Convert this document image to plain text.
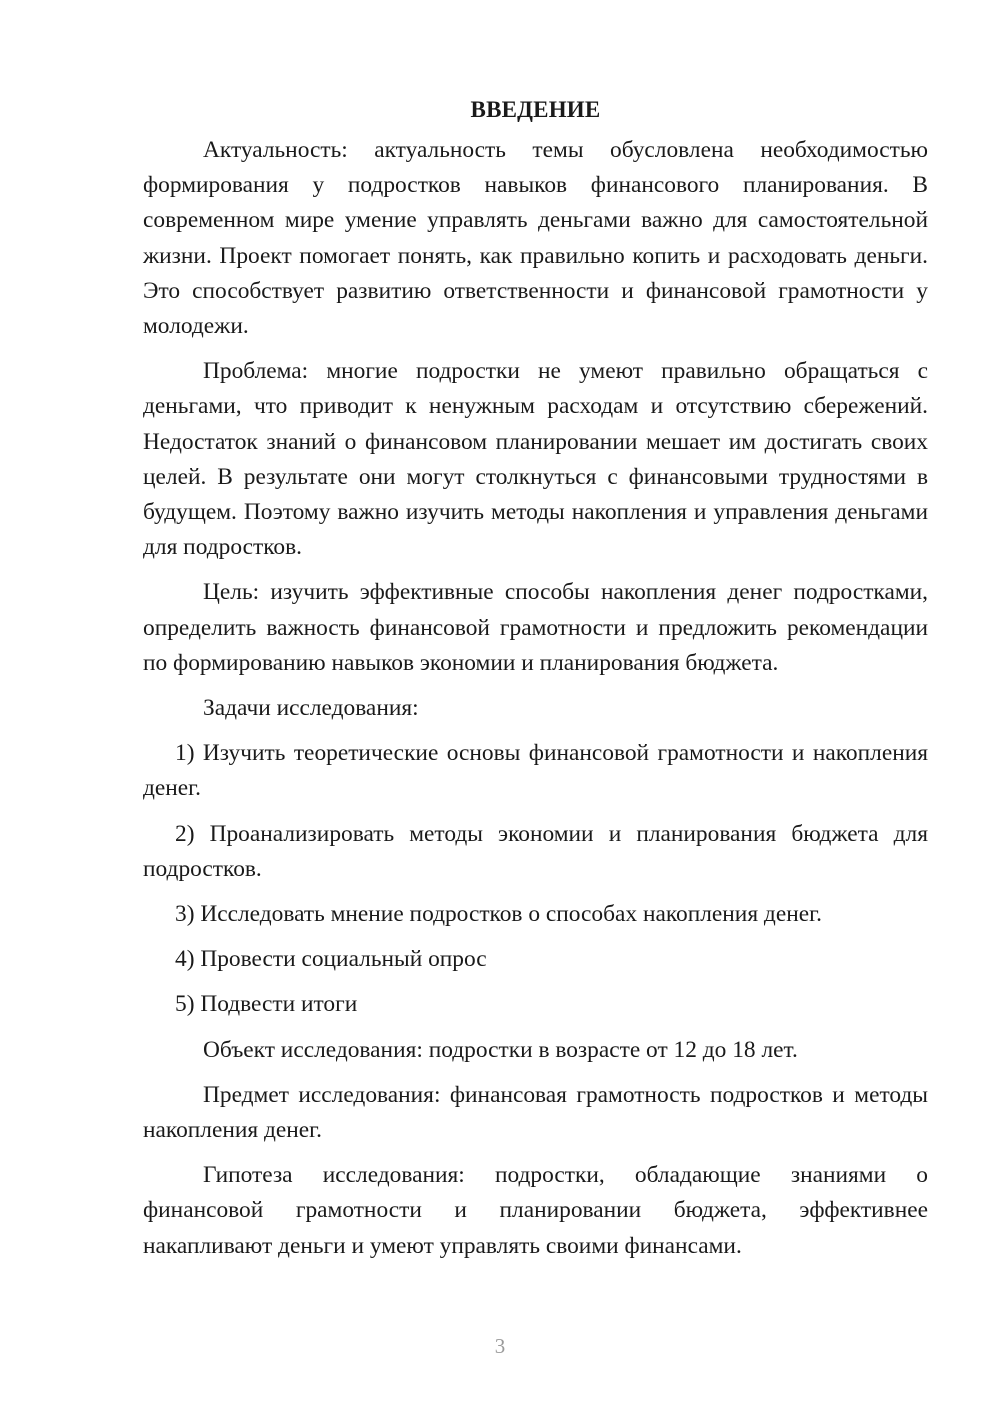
ВВЕДЕНИЕ

Актуальность: актуальность темы обусловлена необходимостью формирования у подростков навыков финансового планирования. В современном мире умение управлять деньгами важно для самостоятельной жизни. Проект помогает понять, как правильно копить и расходовать деньги. Это способствует развитию ответственности и финансовой грамотности у молодежи.

Проблема: многие подростки не умеют правильно обращаться с деньгами, что приводит к ненужным расходам и отсутствию сбережений. Недостаток знаний о финансовом планировании мешает им достигать своих целей. В результате они могут столкнуться с финансовыми трудностями в будущем. Поэтому важно изучить методы накопления и управления деньгами для подростков.

Цель: изучить эффективные способы накопления денег подростками, определить важность финансовой грамотности и предложить рекомендации по формированию навыков экономии и планирования бюджета.

Задачи исследования:

1) Изучить теоретические основы финансовой грамотности и накопления денег.

2) Проанализировать методы экономии и планирования бюджета для подростков.

3) Исследовать мнение подростков о способах накопления денег.

4) Провести социальный опрос

5) Подвести итоги

Объект исследования: подростки в возрасте от 12 до 18 лет.

Предмет исследования: финансовая грамотность подростков и методы накопления денег.

Гипотеза исследования: подростки, обладающие знаниями о финансовой грамотности и планировании бюджета, эффективнее накапливают деньги и умеют управлять своими финансами.

3
